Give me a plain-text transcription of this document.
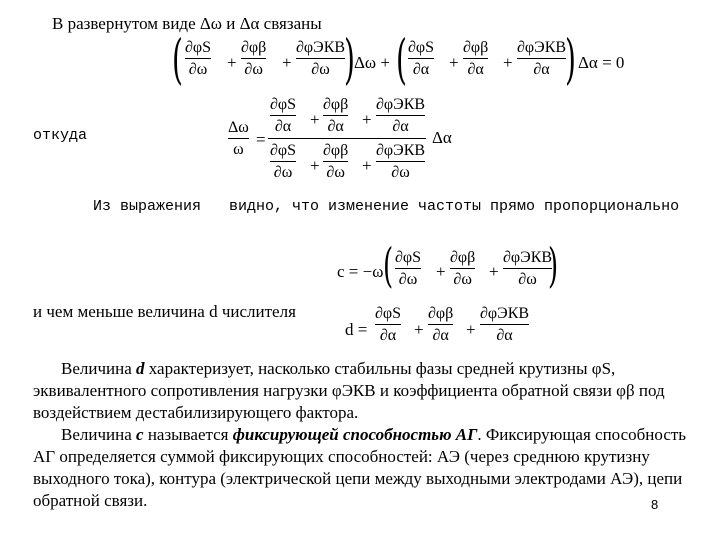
В развернутом виде Δω и Δα связаны
( ∂φS
∂ω +
∂φβ
∂ω +
∂φЭКВ
∂ω ) Δω + ( ∂φS
∂α +
∂φβ
∂α +
∂φЭКВ
∂α ) Δα = 0
откуда	Δω
ω
=
∂φS
∂α +
∂φβ
∂α +
∂φЭКВ
∂α
∂φS
∂ω +
∂φβ
∂ω +
∂φЭКВ
∂ω
Δα
Из выражения видно, что изменение частоты прямо пропорционально
c = −ω ( ∂φS
∂ω +
∂φβ
∂ω +
∂φЭКВ
∂ω )
и чем меньше величина d числителя
d =
∂φS
∂α +
∂φβ
∂α +
∂φЭКВ
∂α
Величина d характеризует, насколько стабильны фазы средней крутизны φS, эквивалентного сопротивления нагрузки φЭКВ и коэффициента обратной связи φβ под воздействием дестабилизирующего фактора.
Величина с называется фиксирующей способностью АГ. Фиксирующая способность АГ определяется суммой фиксирующих способностей: АЭ (через среднюю крутизну выходного тока), контура (электрической цепи между выходными электродами АЭ), цепи обратной связи.	8
